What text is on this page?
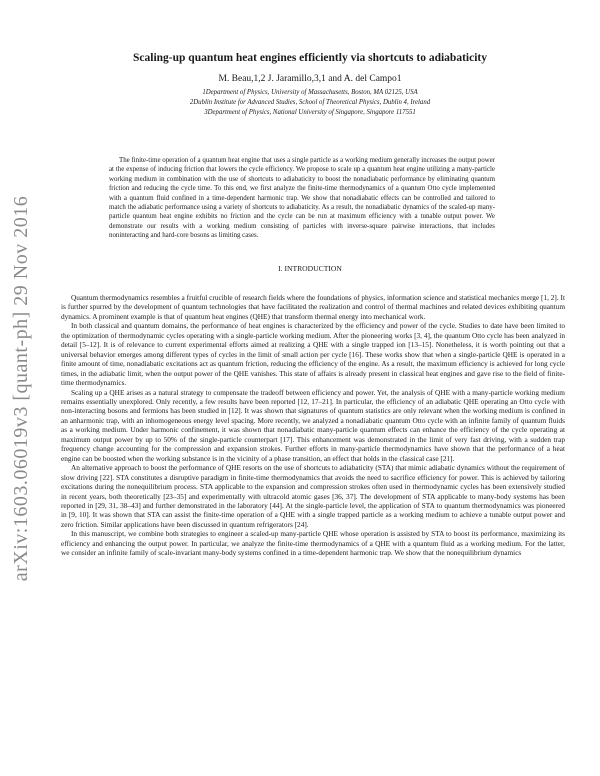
arXiv:1603.06019v3 [quant-ph] 29 Nov 2016
Scaling-up quantum heat engines efficiently via shortcuts to adiabaticity
M. Beau,1,2 J. Jaramillo,3,1 and A. del Campo1
1Department of Physics, University of Massachusetts, Boston, MA 02125, USA
2Dublin Institute for Advanced Studies, School of Theoretical Physics, Dublin 4, Ireland
3Department of Physics, National University of Singapore, Singapore 117551

The finite-time operation of a quantum heat engine that uses a single particle as a working medium generally increases the output power at the expense of inducing friction that lowers the cycle efficiency. We propose to scale up a quantum heat engine utilizing a many-particle working medium in combination with the use of shortcuts to adiabaticity to boost the nonadiabatic performance by eliminating quantum friction and reducing the cycle time. To this end, we first analyze the finite-time thermodynamics of a quantum Otto cycle implemented with a quantum fluid confined in a time-dependent harmonic trap. We show that nonadiabatic effects can be controlled and tailored to match the adiabatic performance using a variety of shortcuts to adiabaticity. As a result, the nonadiabatic dynamics of the scaled-up many-particle quantum heat engine exhibits no friction and the cycle can be run at maximum efficiency with a tunable output power. We demonstrate our results with a working medium consisting of particles with inverse-square pairwise interactions, that includes noninteracting and hard-core bosons as limiting cases.

I. INTRODUCTION

Quantum thermodynamics resembles a fruitful crucible of research fields where the foundations of physics, information science and statistical mechanics merge [1, 2]. It is further spurred by the development of quantum technologies that have facilitated the realization and control of thermal machines and related devices exhibiting quantum dynamics. A prominent example is that of quantum heat engines (QHE) that transform thermal energy into mechanical work.

In both classical and quantum domains, the performance of heat engines is characterized by the efficiency and power of the cycle. Studies to date have been limited to the optimization of thermodynamic cycles operating with a single-particle working medium. After the pioneering works [3, 4], the quantum Otto cycle has been analyzed in detail [5–12]. It is of relevance to current experimental efforts aimed at realizing a QHE with a single trapped ion [13–15]. Nonetheless, it is worth pointing out that a universal behavior emerges among different types of cycles in the limit of small action per cycle [16]. These works show that when a single-particle QHE is operated in a finite amount of time, nonadiabatic excitations act as quantum friction, reducing the efficiency of the engine. As a result, the maximum efficiency is achieved for long cycle times, in the adiabatic limit, when the output power of the QHE vanishes. This state of affairs is already present in classical heat engines and gave rise to the field of finite-time thermodynamics.

Scaling up a QHE arises as a natural strategy to compensate the tradeoff between efficiency and power. Yet, the analysis of QHE with a many-particle working medium remains essentially unexplored. Only recently, a few results have been reported [12, 17–21]. In particular, the efficiency of an adiabatic QHE operating an Otto cycle with non-interacting bosons and fermions has been studied in [12]. It was shown that signatures of quantum statistics are only relevant when the working medium is confined in an anharmonic trap, with an inhomogeneous energy level spacing. More recently, we analyzed a nonadiabatic quantum Otto cycle with an infinite family of quantum fluids as a working medium. Under harmonic confinement, it was shown that nonadiabatic many-particle quantum effects can enhance the efficiency of the cycle operating at maximum output power by up to 50% of the single-particle counterpart [17]. This enhancement was demonstrated in the limit of very fast driving, with a sudden trap frequency change accounting for the compression and expansion strokes. Further efforts in many-particle thermodynamics have shown that the performance of a heat engine can be boosted when the working substance is in the vicinity of a phase transition, an effect that holds in the classical case [21].

An alternative approach to boost the performance of QHE resorts on the use of shortcuts to adiabaticity (STA) that mimic adiabatic dynamics without the requirement of slow driving [22]. STA constitutes a disruptive paradigm in finite-time thermodynamics that avoids the need to sacrifice efficiency for power. This is achieved by tailoring excitations during the nonequilibrium process. STA applicable to the expansion and compression strokes often used in thermodynamic cycles has been extensively studied in recent years, both theoretically [23–35] and experimentally with ultracold atomic gases [36, 37]. The development of STA applicable to many-body systems has been reported in [29, 31, 38–43] and further demonstrated in the laboratory [44]. At the single-particle level, the application of STA to quantum thermodynamics was pioneered in [9, 10]. It was shown that STA can assist the finite-time operation of a QHE with a single trapped particle as a working medium to achieve a tunable output power and zero friction. Similar applications have been discussed in quantum refrigerators [24].

In this manuscript, we combine both strategies to engineer a scaled-up many-particle QHE whose operation is assisted by STA to boost its performance, maximizing its efficiency and enhancing the output power. In particular, we analyze the finite-time thermodynamics of a QHE with a quantum fluid as a working medium. For the latter, we consider an infinite family of scale-invariant many-body systems confined in a time-dependent harmonic trap. We show that the nonequilibrium dynamics
